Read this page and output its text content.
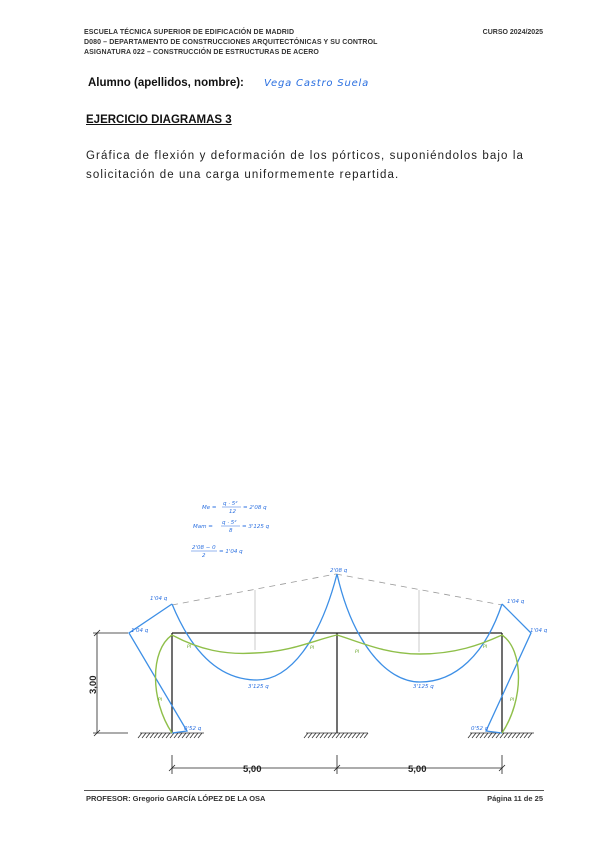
ESCUELA TÉCNICA SUPERIOR DE EDIFICACIÓN DE MADRID
D080 – DEPARTAMENTO DE CONSTRUCCIONES ARQUITECTÓNICAS Y SU CONTROL
ASIGNATURA 022 – CONSTRUCCIÓN DE ESTRUCTURAS DE ACERO
CURSO 2024/2025
Alumno (apellidos, nombre): Vega Castro Suela
EJERCICIO DIAGRAMAS 3
Gráfica de flexión y deformación de los pórticos, suponiéndolos bajo la solicitación de una carga uniformemente repartida.
Me =
q · 5²
12
= 2'08 q
Mam =
q · 5²
8
= 3'125 q
2'08 − 0
2
= 1'04 q
2'08 q
1'04 q	1'04 q
1'04 q	1'04 q
3'125 q	3'125 q
0'52 q	0'52 q
PI	PI
PI
PI
PI	PI
3,00
5,00	5,00
PROFESOR: Gregorio GARCÍA LÓPEZ DE LA OSA	Página 11 de 25
